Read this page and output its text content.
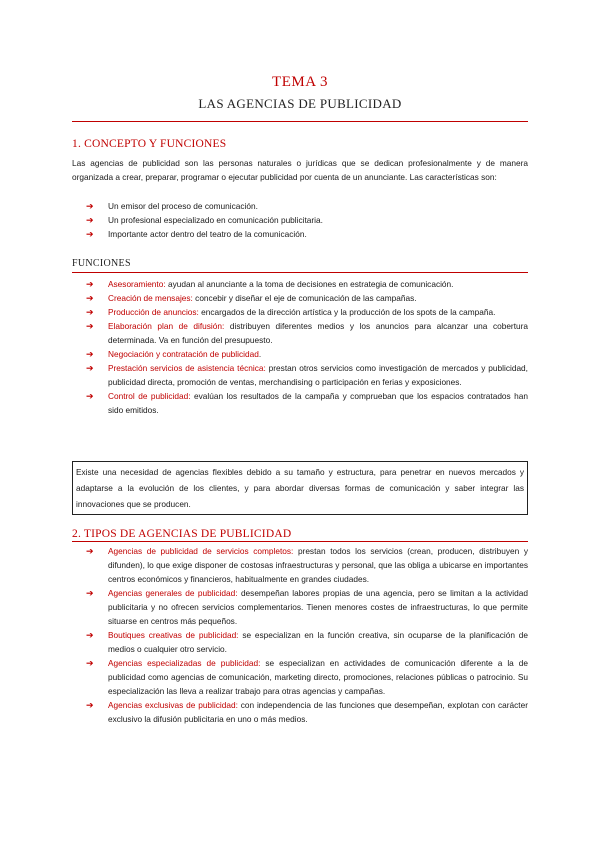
TEMA 3
LAS AGENCIAS DE PUBLICIDAD
1. CONCEPTO Y FUNCIONES
Las agencias de publicidad son las personas naturales o jurídicas que se dedican profesionalmente y de manera organizada a crear, preparar, programar o ejecutar publicidad por cuenta de un anunciante. Las características son:
➔ Un emisor del proceso de comunicación.
➔ Un profesional especializado en comunicación publicitaria.
➔ Importante actor dentro del teatro de la comunicación.
FUNCIONES
➔ Asesoramiento: ayudan al anunciante a la toma de decisiones en estrategia de comunicación.
➔ Creación de mensajes: concebir y diseñar el eje de comunicación de las campañas.
➔ Producción de anuncios: encargados de la dirección artística y la producción de los spots de la campaña.
➔ Elaboración plan de difusión: distribuyen diferentes medios y los anuncios para alcanzar una cobertura determinada. Va en función del presupuesto.
➔ Negociación y contratación de publicidad.
➔ Prestación servicios de asistencia técnica: prestan otros servicios como investigación de mercados y publicidad, publicidad directa, promoción de ventas, merchandising o participación en ferias y exposiciones.
➔ Control de publicidad: evalúan los resultados de la campaña y comprueban que los espacios contratados han sido emitidos.
Existe una necesidad de agencias flexibles debido a su tamaño y estructura, para penetrar en nuevos mercados y adaptarse a la evolución de los clientes, y para abordar diversas formas de comunicación y saber integrar las innovaciones que se producen.
2. TIPOS DE AGENCIAS DE PUBLICIDAD
➔ Agencias de publicidad de servicios completos: prestan todos los servicios (crean, producen, distribuyen y difunden), lo que exige disponer de costosas infraestructuras y personal, que las obliga a ubicarse en importantes centros económicos y financieros, habitualmente en grandes ciudades.
➔ Agencias generales de publicidad: desempeñan labores propias de una agencia, pero se limitan a la actividad publicitaria y no ofrecen servicios complementarios. Tienen menores costes de infraestructuras, lo que permite situarse en centros más pequeños.
➔ Boutiques creativas de publicidad: se especializan en la función creativa, sin ocuparse de la planificación de medios o cualquier otro servicio.
➔ Agencias especializadas de publicidad: se especializan en actividades de comunicación diferente a la de publicidad como agencias de comunicación, marketing directo, promociones, relaciones públicas o patrocinio. Su especialización las lleva a realizar trabajo para otras agencias y campañas.
➔ Agencias exclusivas de publicidad: con independencia de las funciones que desempeñan, explotan con carácter exclusivo la difusión publicitaria en uno o más medios.
